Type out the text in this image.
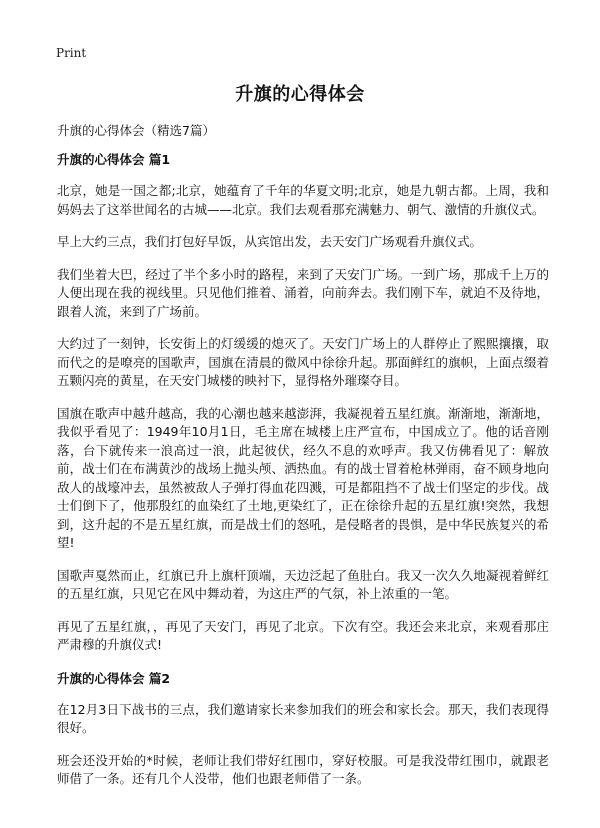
Print
升旗的心得体会

升旗的心得体会（精选7篇）

升旗的心得体会 篇1

北京，她是一国之都;北京，她蕴育了千年的华夏文明;北京，她是九朝古都。上周，我和妈妈去了这举世闻名的古城——北京。我们去观看那充满魅力、朝气、激情的升旗仪式。

早上大约三点，我们打包好早饭，从宾馆出发，去天安门广场观看升旗仪式。

我们坐着大巴，经过了半个多小时的路程，来到了天安门广场。一到广场，那成千上万的人便出现在我的视线里。只见他们推着、涌着，向前奔去。我们刚下车，就迫不及待地，跟着人流，来到了广场前。

大约过了一刻钟，长安街上的灯缓缓的熄灭了。天安门广场上的人群停止了熙熙攘攘，取而代之的是嘹亮的国歌声，国旗在清晨的微风中徐徐升起。那面鲜红的旗帜，上面点缀着五颗闪亮的黄星，在天安门城楼的映衬下，显得格外璀璨夺目。

国旗在歌声中越升越高，我的心潮也越来越澎湃，我凝视着五星红旗。渐渐地，渐渐地，我似乎看见了：1949年10月1日，毛主席在城楼上庄严宣布，中国成立了。他的话音刚落，台下就传来一浪高过一浪，此起彼伏，经久不息的欢呼声。我又仿佛看见了：解放前，战士们在布满黄沙的战场上抛头颅、洒热血。有的战士冒着枪林弹雨，奋不顾身地向敌人的战壕冲去，虽然被敌人子弹打得血花四溅，可是都阻挡不了战士们坚定的步伐。战士们倒下了，他那殷红的血染红了土地,更染红了，正在徐徐升起的五星红旗!突然，我想到，这升起的不是五星红旗，而是战士们的怒吼，是侵略者的畏惧，是中华民族复兴的希望!

国歌声戛然而止，红旗已升上旗杆顶端，天边泛起了鱼肚白。我又一次久久地凝视着鲜红的五星红旗，只见它在风中舞动着，为这庄严的气氛，补上浓重的一笔。

再见了五星红旗，，再见了天安门，再见了北京。下次有空。我还会来北京，来观看那庄严肃穆的升旗仪式!

升旗的心得体会 篇2

在12月3日下战书的三点，我们邀请家长来参加我们的班会和家长会。那天，我们表现得很好。

班会还没开始的*时候，老师让我们带好红围巾，穿好校服。可是我没带红围巾，就跟老师借了一条。还有几个人没带，他们也跟老师借了一条。
